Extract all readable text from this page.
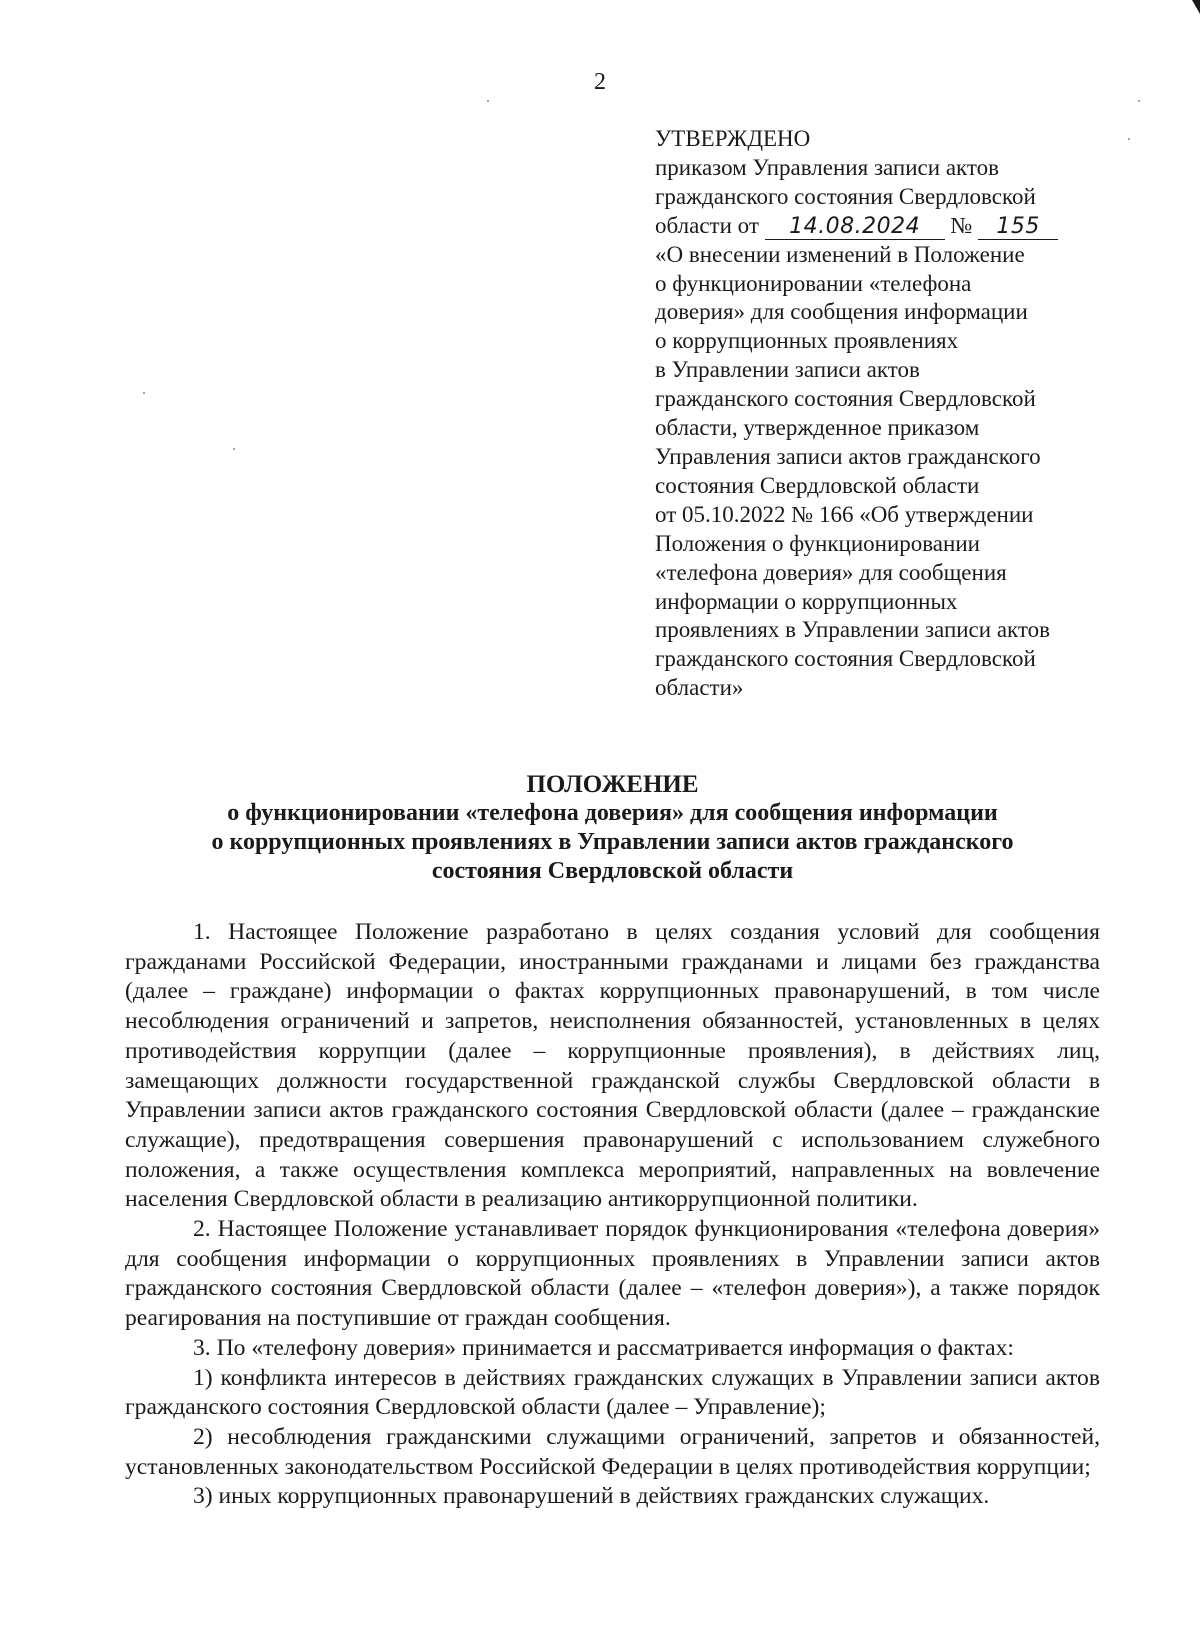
2
УТВЕРЖДЕНО
приказом Управления записи актов
гражданского состояния Свердловской
области от 14.08.2024 № 155
«О внесении изменений в Положение
о функционировании «телефона
доверия» для сообщения информации
о коррупционных проявлениях
в Управлении записи актов
гражданского состояния Свердловской
области, утвержденное приказом
Управления записи актов гражданского
состояния Свердловской области
от 05.10.2022 № 166 «Об утверждении
Положения о функционировании
«телефона доверия» для сообщения
информации о коррупционных
проявлениях в Управлении записи актов
гражданского состояния Свердловской
области»
ПОЛОЖЕНИЕ
о функционировании «телефона доверия» для сообщения информации
о коррупционных проявлениях в Управлении записи актов гражданского
состояния Свердловской области

1. Настоящее Положение разработано в целях создания условий для сообщения гражданами Российской Федерации, иностранными гражданами и лицами без гражданства (далее – граждане) информации о фактах коррупционных правонарушений, в том числе несоблюдения ограничений и запретов, неисполнения обязанностей, установленных в целях противодействия коррупции (далее – коррупционные проявления), в действиях лиц, замещающих должности государственной гражданской службы Свердловской области в Управлении записи актов гражданского состояния Свердловской области (далее – гражданские служащие), предотвращения совершения правонарушений с использованием служебного положения, а также осуществления комплекса мероприятий, направленных на вовлечение населения Свердловской области в реализацию антикоррупционной политики.

2. Настоящее Положение устанавливает порядок функционирования «телефона доверия» для сообщения информации о коррупционных проявлениях в Управлении записи актов гражданского состояния Свердловской области (далее – «телефон доверия»), а также порядок реагирования на поступившие от граждан сообщения.

3. По «телефону доверия» принимается и рассматривается информация о фактах:

1) конфликта интересов в действиях гражданских служащих в Управлении записи актов гражданского состояния Свердловской области (далее – Управление);

2) несоблюдения гражданскими служащими ограничений, запретов и обязанностей, установленных законодательством Российской Федерации в целях противодействия коррупции;

3) иных коррупционных правонарушений в действиях гражданских служащих.
